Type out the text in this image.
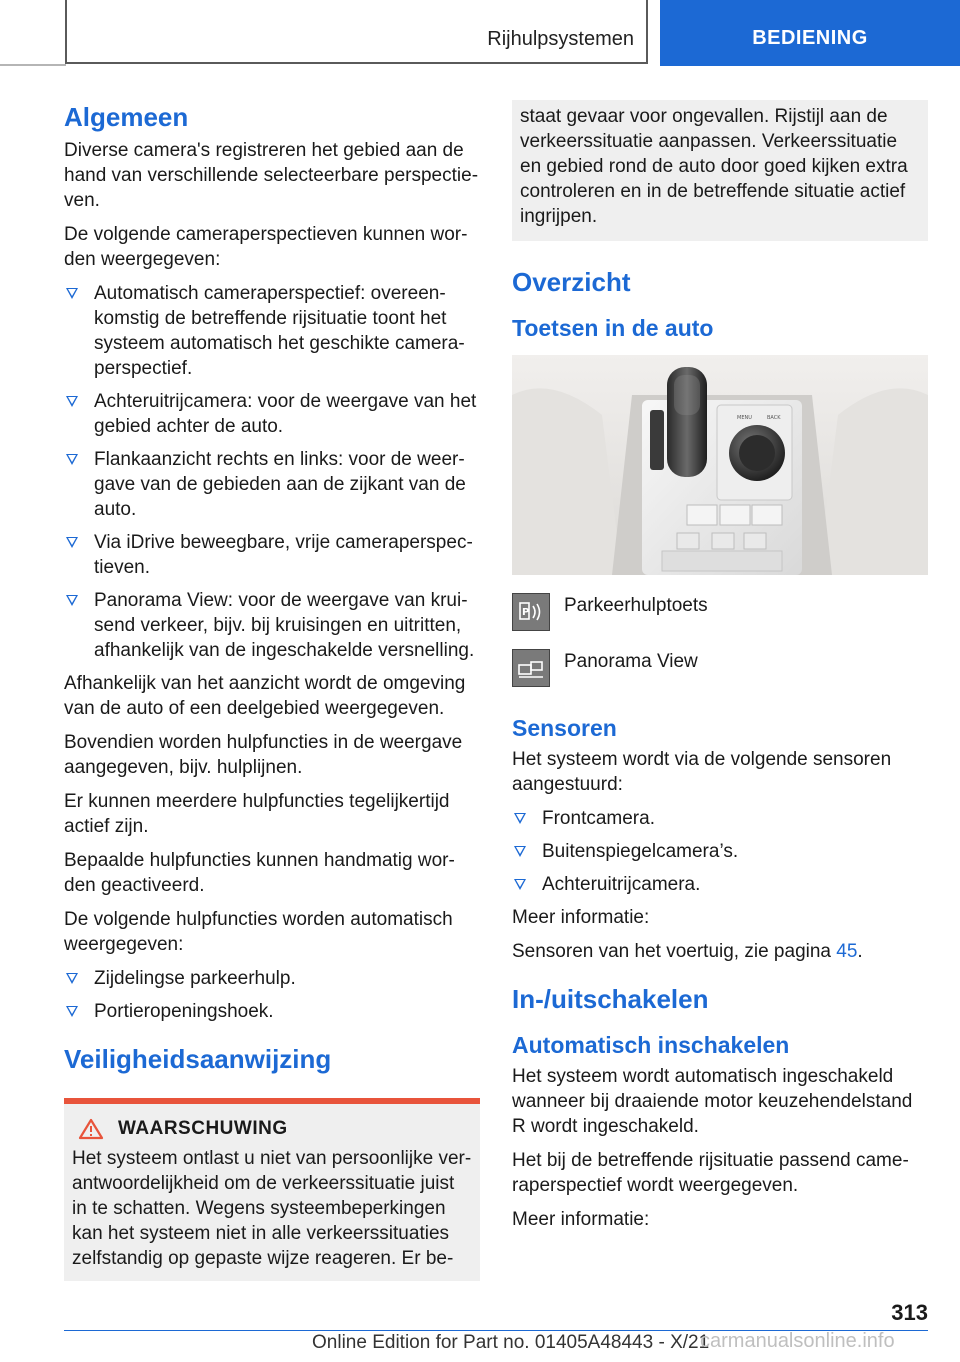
Rijhulpsystemen	BEDIENING
Algemeen

Diverse camera's registreren het gebied aan de hand van verschillende selecteerbare perspectieven.

De volgende cameraperspectieven kunnen worden weergegeven:

Automatisch cameraperspectief: overeenkomstig de betreffende rijsituatie toont het systeem automatisch het geschikte cameraperspectief.
Achteruitrijcamera: voor de weergave van het gebied achter de auto.
Flankaanzicht rechts en links: voor de weergave van de gebieden aan de zijkant van de auto.
Via iDrive beweegbare, vrije cameraperspectieven.
Panorama View: voor de weergave van kruisend verkeer, bijv. bij kruisingen en uitritten, afhankelijk van de ingeschakelde versnelling.

Afhankelijk van het aanzicht wordt de omgeving van de auto of een deelgebied weergegeven.

Bovendien worden hulpfuncties in de weergave aangegeven, bijv. hulplijnen.

Er kunnen meerdere hulpfuncties tegelijkertijd actief zijn.

Bepaalde hulpfuncties kunnen handmatig worden geactiveerd.

De volgende hulpfuncties worden automatisch weergegeven:

Zijdelingse parkeerhulp.
Portieropeningshoek.
Veiligheidsaanwijzing
WAARSCHUWING

Het systeem ontlast u niet van persoonlijke verantwoordelijkheid om de verkeerssituatie juist in te schatten. Wegens systeembeperkingen kan het systeem niet in alle verkeerssituaties zelfstandig op gepaste wijze reageren. Er be-

staat gevaar voor ongevallen. Rijstijl aan de verkeerssituatie aanpassen. Verkeerssituatie en gebied rond de auto door goed kijken extra controleren en in de betreffende situatie actief ingrijpen.

Overzicht
Toetsen in de auto
MENU	BACK
P Parkeerhulptoets
Panorama View
Sensoren

Het systeem wordt via de volgende sensoren aangestuurd:

Frontcamera.
Buitenspiegelcamera’s.
Achteruitrijcamera.

Meer informatie:

Sensoren van het voertuig, zie pagina 45.

In-/uitschakelen
Automatisch inschakelen

Het systeem wordt automatisch ingeschakeld wanneer bij draaiende motor keuzehendelstand R wordt ingeschakeld.

Het bij de betreffende rijsituatie passend cameraperspectief wordt weergegeven.

Meer informatie:

313
Online Edition for Part no. 01405A48443 - X/21
carmanualsonline.info
